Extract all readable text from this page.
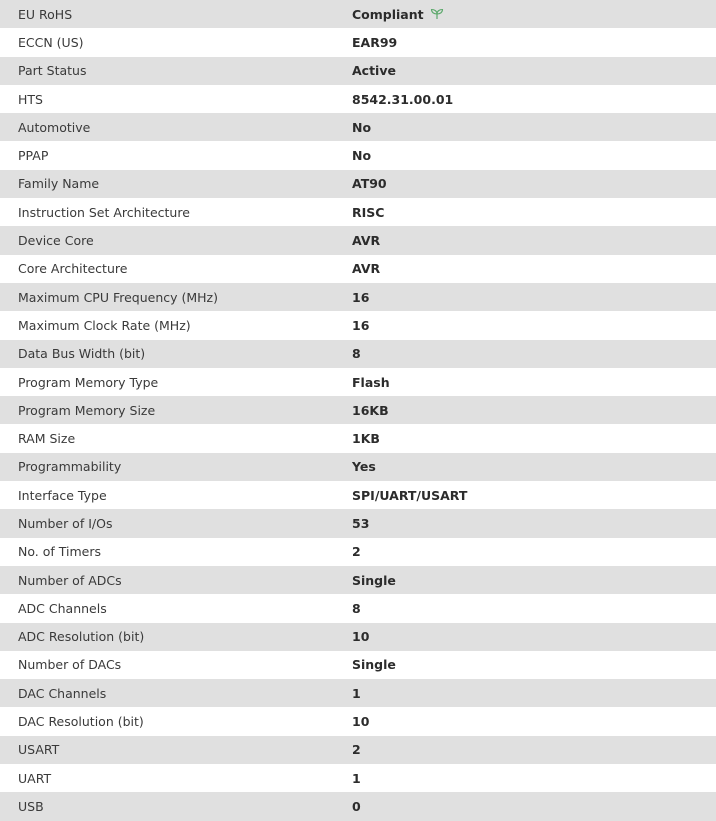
EU RoHS	Compliant
ECCN (US)	EAR99
Part Status	Active
HTS	8542.31.00.01
Automotive	No
PPAP	No
Family Name	AT90
Instruction Set Architecture	RISC
Device Core	AVR
Core Architecture	AVR
Maximum CPU Frequency (MHz)	16
Maximum Clock Rate (MHz)	16
Data Bus Width (bit)	8
Program Memory Type	Flash
Program Memory Size	16KB
RAM Size	1KB
Programmability	Yes
Interface Type	SPI/UART/USART
Number of I/Os	53
No. of Timers	2
Number of ADCs	Single
ADC Channels	8
ADC Resolution (bit)	10
Number of DACs	Single
DAC Channels	1
DAC Resolution (bit)	10
USART	2
UART	1
USB	0
